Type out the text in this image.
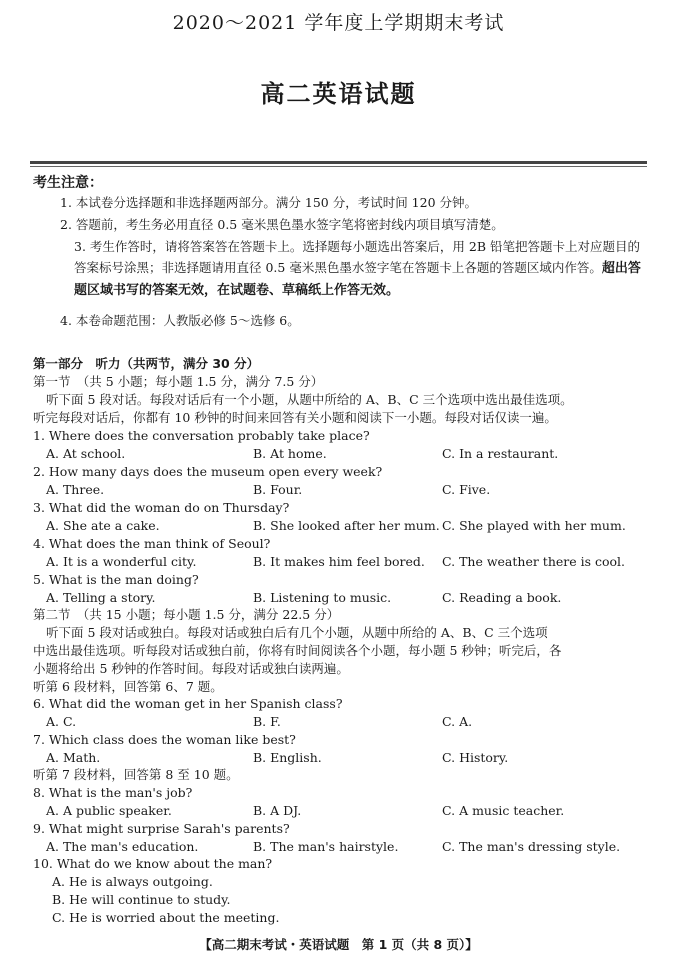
2020～2021 学年度上学期期末考试
高二英语试题
考生注意：
1. 本试卷分选择题和非选择题两部分。满分 150 分，考试时间 120 分钟。
2. 答题前，考生务必用直径 0.5 毫米黑色墨水签字笔将密封线内项目填写清楚。
3. 考生作答时，请将答案答在答题卡上。选择题每小题选出答案后，用 2B 铅笔把答题卡上对应题目的答案标号涂黑；非选择题请用直径 0.5 毫米黑色墨水签字笔在答题卡上各题的答题区域内作答。超出答题区域书写的答案无效，在试题卷、草稿纸上作答无效。
4. 本卷命题范围：人教版必修 5～选修 6。
第一部分　听力（共两节，满分 30 分）
第一节　（共 5 小题；每小题 1.5 分，满分 7.5 分）
听下面 5 段对话。每段对话后有一个小题，从题中所给的 A、B、C 三个选项中选出最佳选项。
听完每段对话后，你都有 10 秒钟的时间来回答有关小题和阅读下一小题。每段对话仅读一遍。
1. Where does the conversation probably take place?
A. At school.	B. At home.	C. In a restaurant.
2. How many days does the museum open every week?
A. Three.	B. Four.	C. Five.
3. What did the woman do on Thursday?
A. She ate a cake.	B. She looked after her mum. C. She played with her mum.
4. What does the man think of Seoul?
A. It is a wonderful city.	B. It makes him feel bored. C. The weather there is cool.
5. What is the man doing?
A. Telling a story.	B. Listening to music.	C. Reading a book.
第二节　（共 15 小题；每小题 1.5 分，满分 22.5 分）
听下面 5 段对话或独白。每段对话或独白后有几个小题，从题中所给的 A、B、C 三个选项
中选出最佳选项。听每段对话或独白前，你将有时间阅读各个小题，每小题 5 秒钟；听完后，各
小题将给出 5 秒钟的作答时间。每段对话或独白读两遍。
听第 6 段材料，回答第 6、7 题。
6. What did the woman get in her Spanish class?
A. C.	B. F.	C. A.
7. Which class does the woman like best?
A. Math.	B. English.	C. History.
听第 7 段材料，回答第 8 至 10 题。
8. What is the man's job?
A. A public speaker.	B. A DJ.	C. A music teacher.
9. What might surprise Sarah's parents?
A. The man's education.	B. The man's hairstyle.	C. The man's dressing style.
10. What do we know about the man?
A. He is always outgoing.
B. He will continue to study.
C. He is worried about the meeting.
【高二期末考试・英语试题　第 1 页（共 8 页）】
